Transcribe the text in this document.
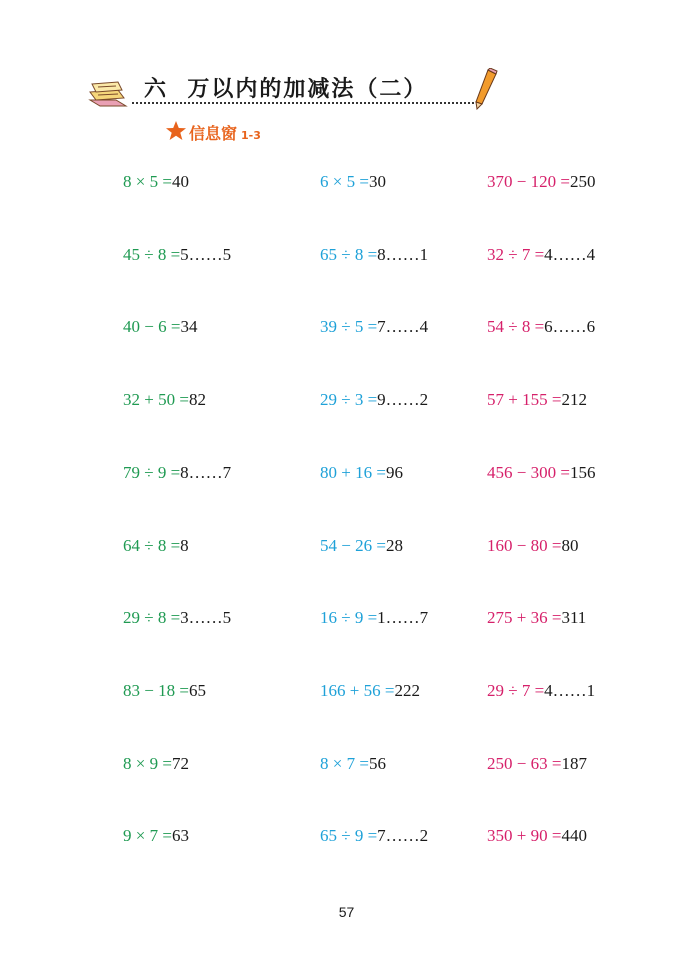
六  万以内的加减法（二）
信息窗 1-3
8 × 5 =40
45 ÷ 8 =5……5
40 − 6 =34
32 + 50 =82
79 ÷ 9 =8……7
64 ÷ 8 =8
29 ÷ 8 =3……5
83 − 18 =65
8 × 9 =72
9 × 7 =63
6 × 5 =30
65 ÷ 8 =8……1
39 ÷ 5 =7……4
29 ÷ 3 =9……2
80 + 16 =96
54 − 26 =28
16 ÷ 9 =1……7
166 + 56 =222
8 × 7 =56
65 ÷ 9 =7……2
370 − 120 =250
32 ÷ 7 =4……4
54 ÷ 8 =6……6
57 + 155 =212
456 − 300 =156
160 − 80 =80
275 + 36 =311
29 ÷ 7 =4……1
250 − 63 =187
350 + 90 =440
57
